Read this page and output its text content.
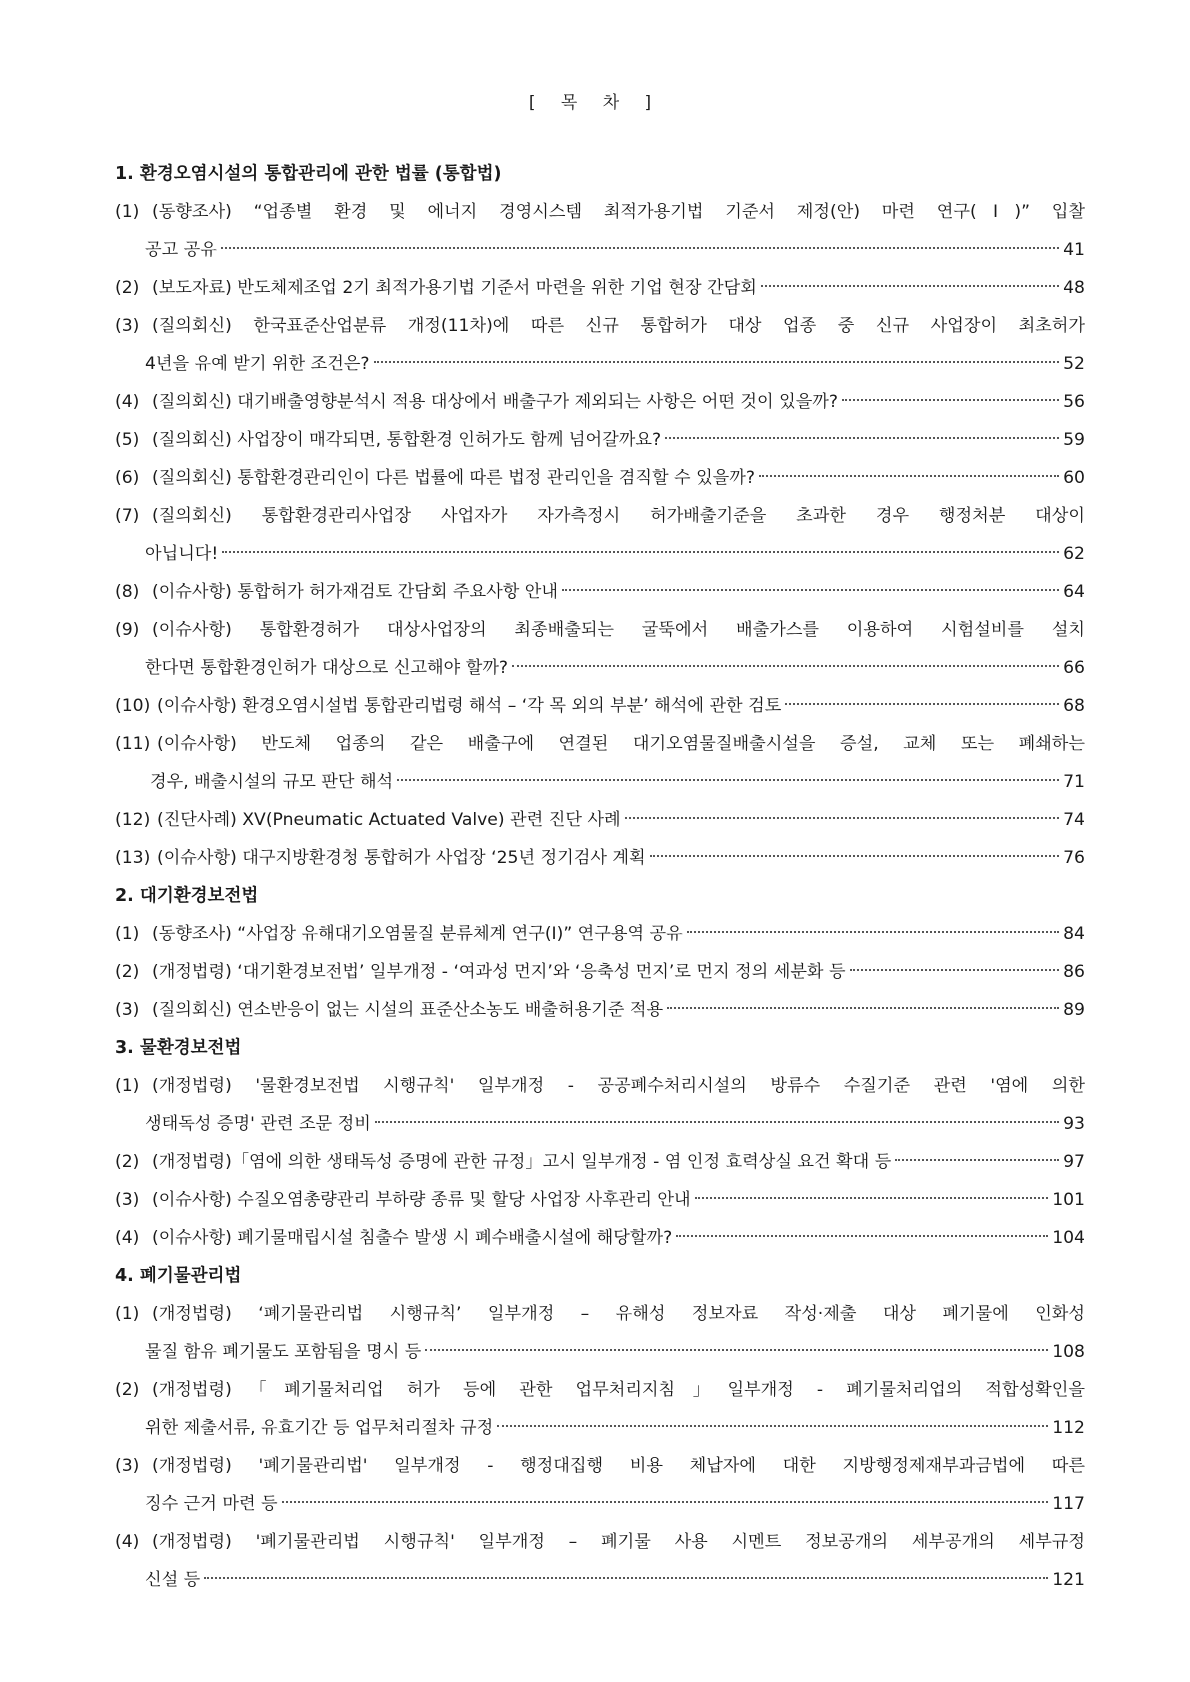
[ 목 차 ]
1. 환경오염시설의 통합관리에 관한 법률 (통합법)
(1) (동향조사) “업종별 환경 및 에너지 경영시스템 최적가용기법 기준서 제정(안) 마련 연구(Ⅰ)” 입찰
공고 공유	41
(2) (보도자료) 반도체제조업 2기 최적가용기법 기준서 마련을 위한 기업 현장 간담회	48
(3) (질의회신) 한국표준산업분류 개정(11차)에 따른 신규 통합허가 대상 업종 중 신규 사업장이 최초허가
4년을 유예 받기 위한 조건은?	52
(4) (질의회신) 대기배출영향분석시 적용 대상에서 배출구가 제외되는 사항은 어떤 것이 있을까?	56
(5) (질의회신) 사업장이 매각되면, 통합환경 인허가도 함께 넘어갈까요?	59
(6) (질의회신) 통합환경관리인이 다른 법률에 따른 법정 관리인을 겸직할 수 있을까?	60
(7) (질의회신) 통합환경관리사업장 사업자가 자가측정시 허가배출기준을 초과한 경우 행정처분 대상이
아닙니다!	62
(8) (이슈사항) 통합허가 허가재검토 간담회 주요사항 안내	64
(9) (이슈사항) 통합환경허가 대상사업장의 최종배출되는 굴뚝에서 배출가스를 이용하여 시험설비를 설치
한다면 통합환경인허가 대상으로 신고해야 할까?	66
(10) (이슈사항) 환경오염시설법 통합관리법령 해석 – ‘각 목 외의 부분’ 해석에 관한 검토	68
(11) (이슈사항) 반도체 업종의 같은 배출구에 연결된 대기오염물질배출시설을 증설, 교체 또는 폐쇄하는
경우, 배출시설의 규모 판단 해석	71
(12) (진단사례) XV(Pneumatic Actuated Valve) 관련 진단 사례	74
(13) (이슈사항) 대구지방환경청 통합허가 사업장 ‘25년 정기검사 계획	76
2. 대기환경보전법
(1) (동향조사) “사업장 유해대기오염물질 분류체계 연구(I)” 연구용역 공유	84
(2) (개정법령) ‘대기환경보전법’ 일부개정 - ‘여과성 먼지’와 ‘응축성 먼지’로 먼지 정의 세분화 등	86
(3) (질의회신) 연소반응이 없는 시설의 표준산소농도 배출허용기준 적용	89
3. 물환경보전법
(1) (개정법령) '물환경보전법 시행규칙' 일부개정 - 공공폐수처리시설의 방류수 수질기준 관련 '염에 의한
생태독성 증명' 관련 조문 정비	93
(2) (개정법령)「염에 의한 생태독성 증명에 관한 규정」고시 일부개정 - 염 인정 효력상실 요건 확대 등	97
(3) (이슈사항) 수질오염총량관리 부하량 종류 및 할당 사업장 사후관리 안내	101
(4) (이슈사항) 폐기물매립시설 침출수 발생 시 폐수배출시설에 해당할까?	104
4. 폐기물관리법
(1) (개정법령) ‘폐기물관리법 시행규칙’ 일부개정 – 유해성 정보자료 작성·제출 대상 폐기물에 인화성
물질 함유 폐기물도 포함됨을 명시 등	108
(2) (개정법령)「폐기물처리업 허가 등에 관한 업무처리지침」일부개정 - 폐기물처리업의 적합성확인을
위한 제출서류, 유효기간 등 업무처리절차 규정	112
(3) (개정법령) '폐기물관리법' 일부개정 - 행정대집행 비용 체납자에 대한 지방행정제재부과금법에 따른
징수 근거 마련 등	117
(4) (개정법령) '폐기물관리법 시행규칙' 일부개정 – 폐기물 사용 시멘트 정보공개의 세부공개의 세부규정
신설 등	121
